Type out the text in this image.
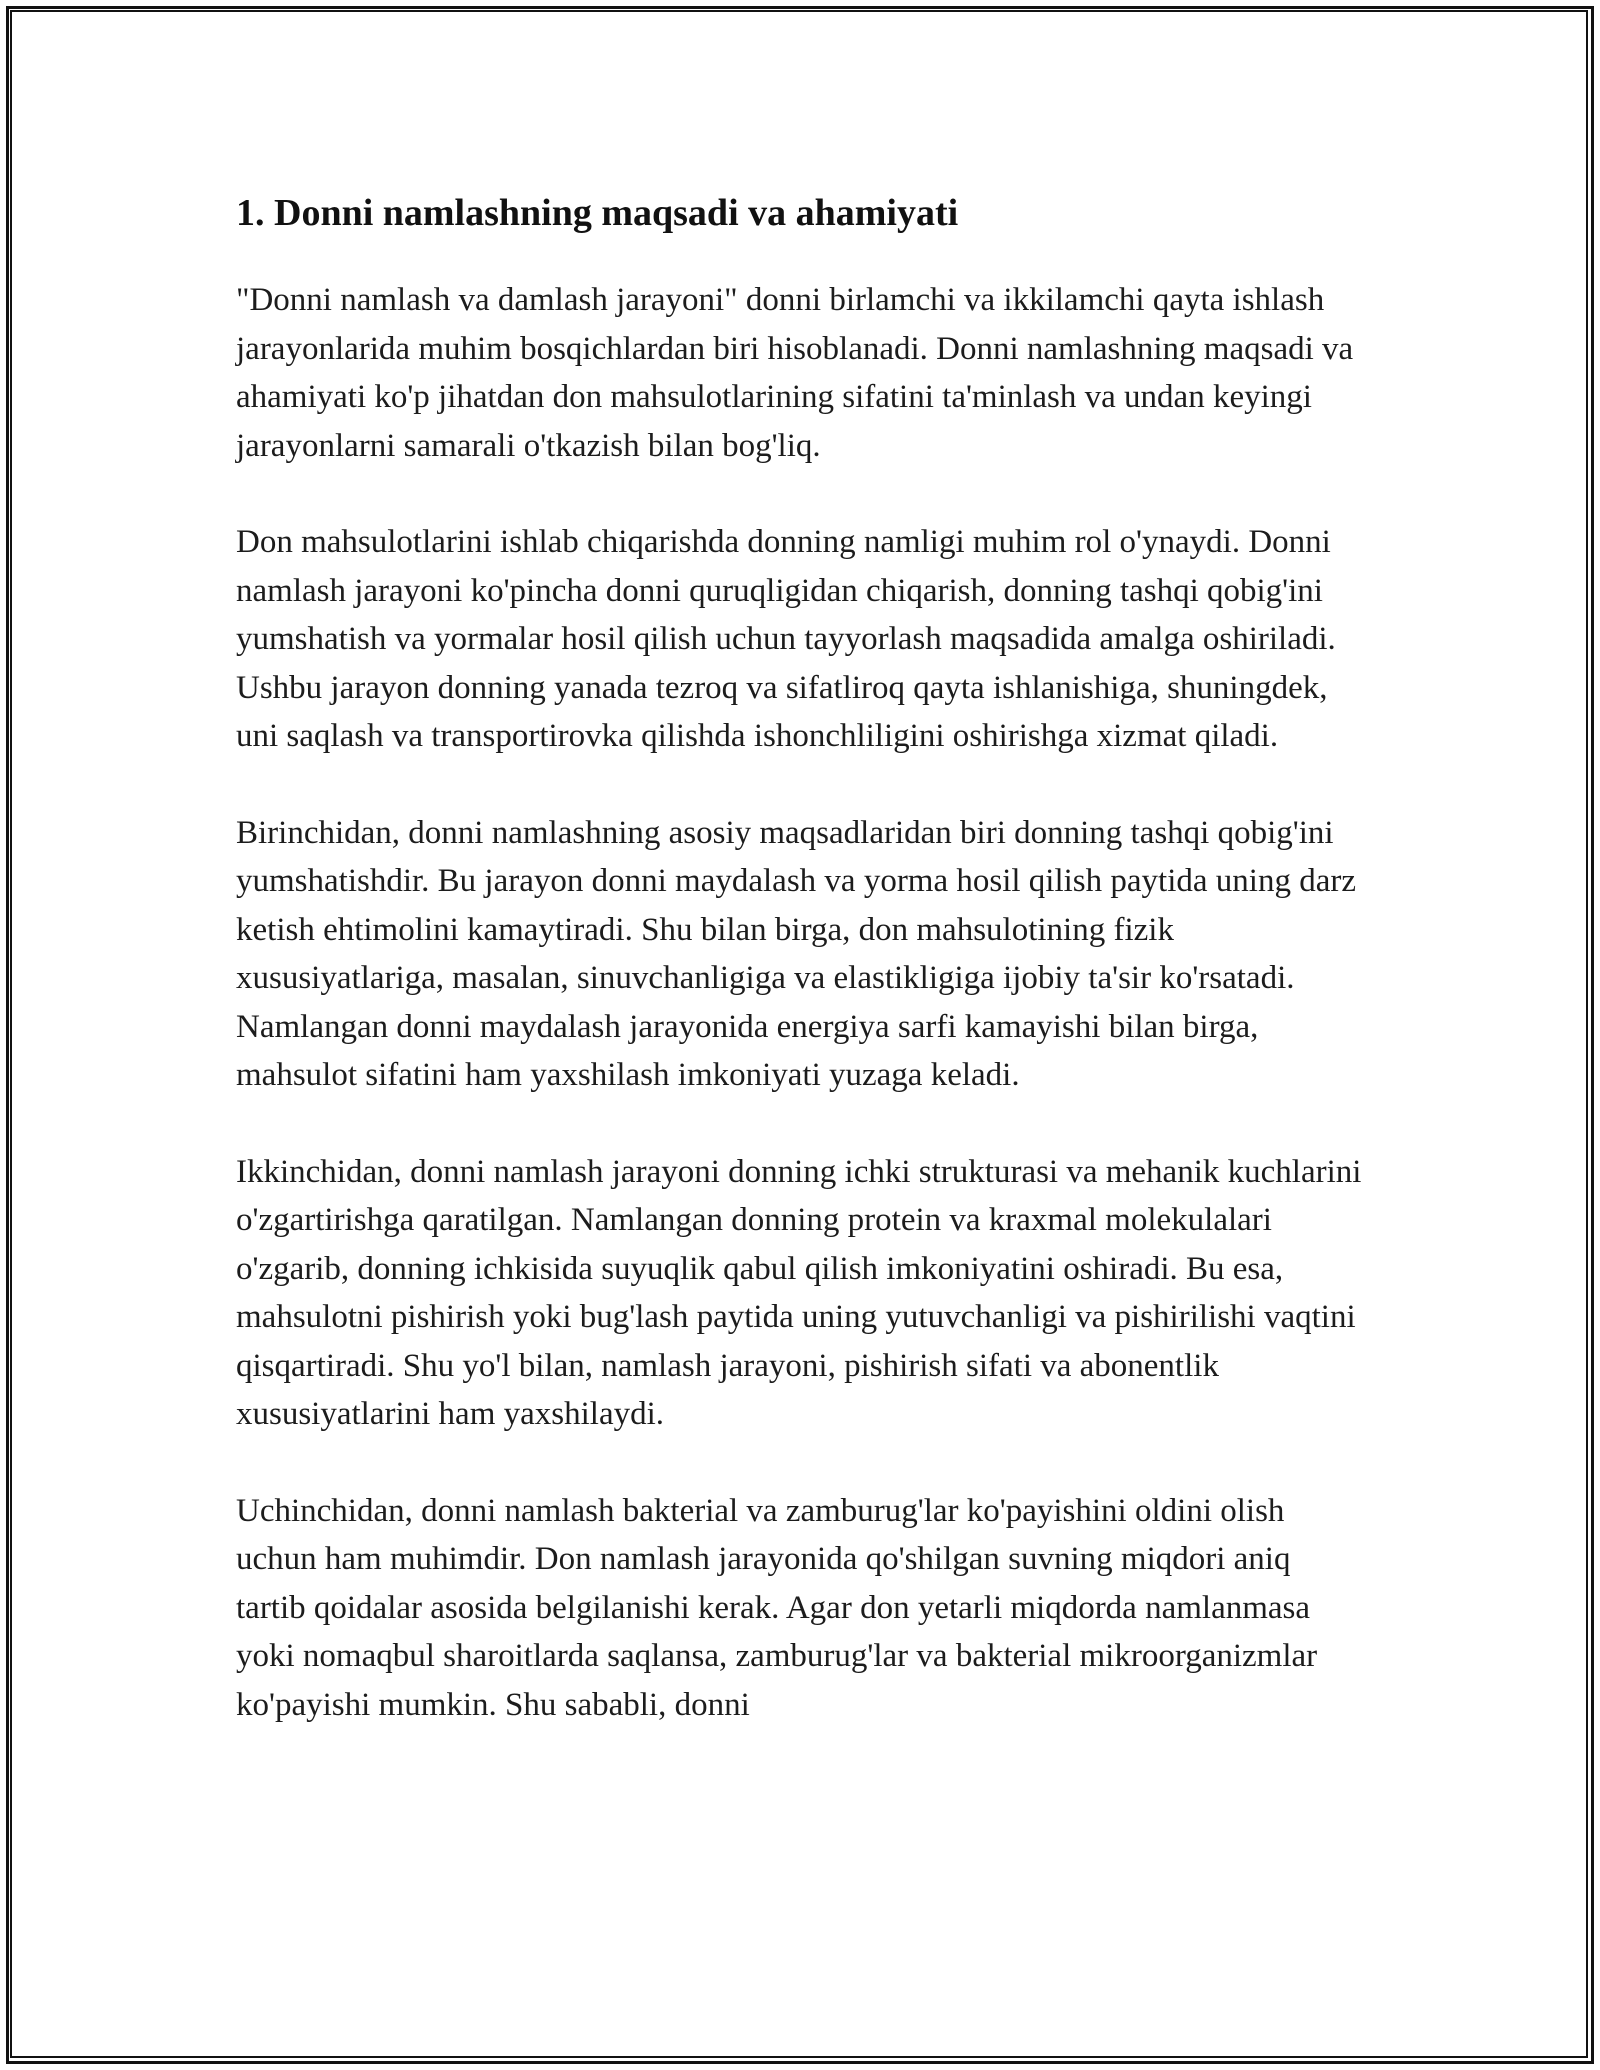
1. Donni namlashning maqsadi va ahamiyati

"Donni namlash va damlash jarayoni" donni birlamchi va ikkilamchi qayta ishlash jarayonlarida muhim bosqichlardan biri hisoblanadi. Donni namlashning maqsadi va ahamiyati ko'p jihatdan don mahsulotlarining sifatini ta'minlash va undan keyingi jarayonlarni samarali o'tkazish bilan bog'liq.

Don mahsulotlarini ishlab chiqarishda donning namligi muhim rol o'ynaydi. Donni namlash jarayoni ko'pincha donni quruqligidan chiqarish, donning tashqi qobig'ini yumshatish va yormalar hosil qilish uchun tayyorlash maqsadida amalga oshiriladi. Ushbu jarayon donning yanada tezroq va sifatliroq qayta ishlanishiga, shuningdek, uni saqlash va transportirovka qilishda ishonchliligini oshirishga xizmat qiladi.

Birinchidan, donni namlashning asosiy maqsadlaridan biri donning tashqi qobig'ini yumshatishdir. Bu jarayon donni maydalash va yorma hosil qilish paytida uning darz ketish ehtimolini kamaytiradi. Shu bilan birga, don mahsulotining fizik xususiyatlariga, masalan, sinuvchanligiga va elastikligiga ijobiy ta'sir ko'rsatadi. Namlangan donni maydalash jarayonida energiya sarfi kamayishi bilan birga, mahsulot sifatini ham yaxshilash imkoniyati yuzaga keladi.

Ikkinchidan, donni namlash jarayoni donning ichki strukturasi va mehanik kuchlarini o'zgartirishga qaratilgan. Namlangan donning protein va kraxmal molekulalari o'zgarib, donning ichkisida suyuqlik qabul qilish imkoniyatini oshiradi. Bu esa, mahsulotni pishirish yoki bug'lash paytida uning yutuvchanligi va pishirilishi vaqtini qisqartiradi. Shu yo'l bilan, namlash jarayoni, pishirish sifati va abonentlik xususiyatlarini ham yaxshilaydi.

Uchinchidan, donni namlash bakterial va zamburug'lar ko'payishini oldini olish uchun ham muhimdir. Don namlash jarayonida qo'shilgan suvning miqdori aniq tartib qoidalar asosida belgilanishi kerak. Agar don yetarli miqdorda namlanmasa yoki nomaqbul sharoitlarda saqlansa, zamburug'lar va bakterial mikroorganizmlar ko'payishi mumkin. Shu sababli, donni
